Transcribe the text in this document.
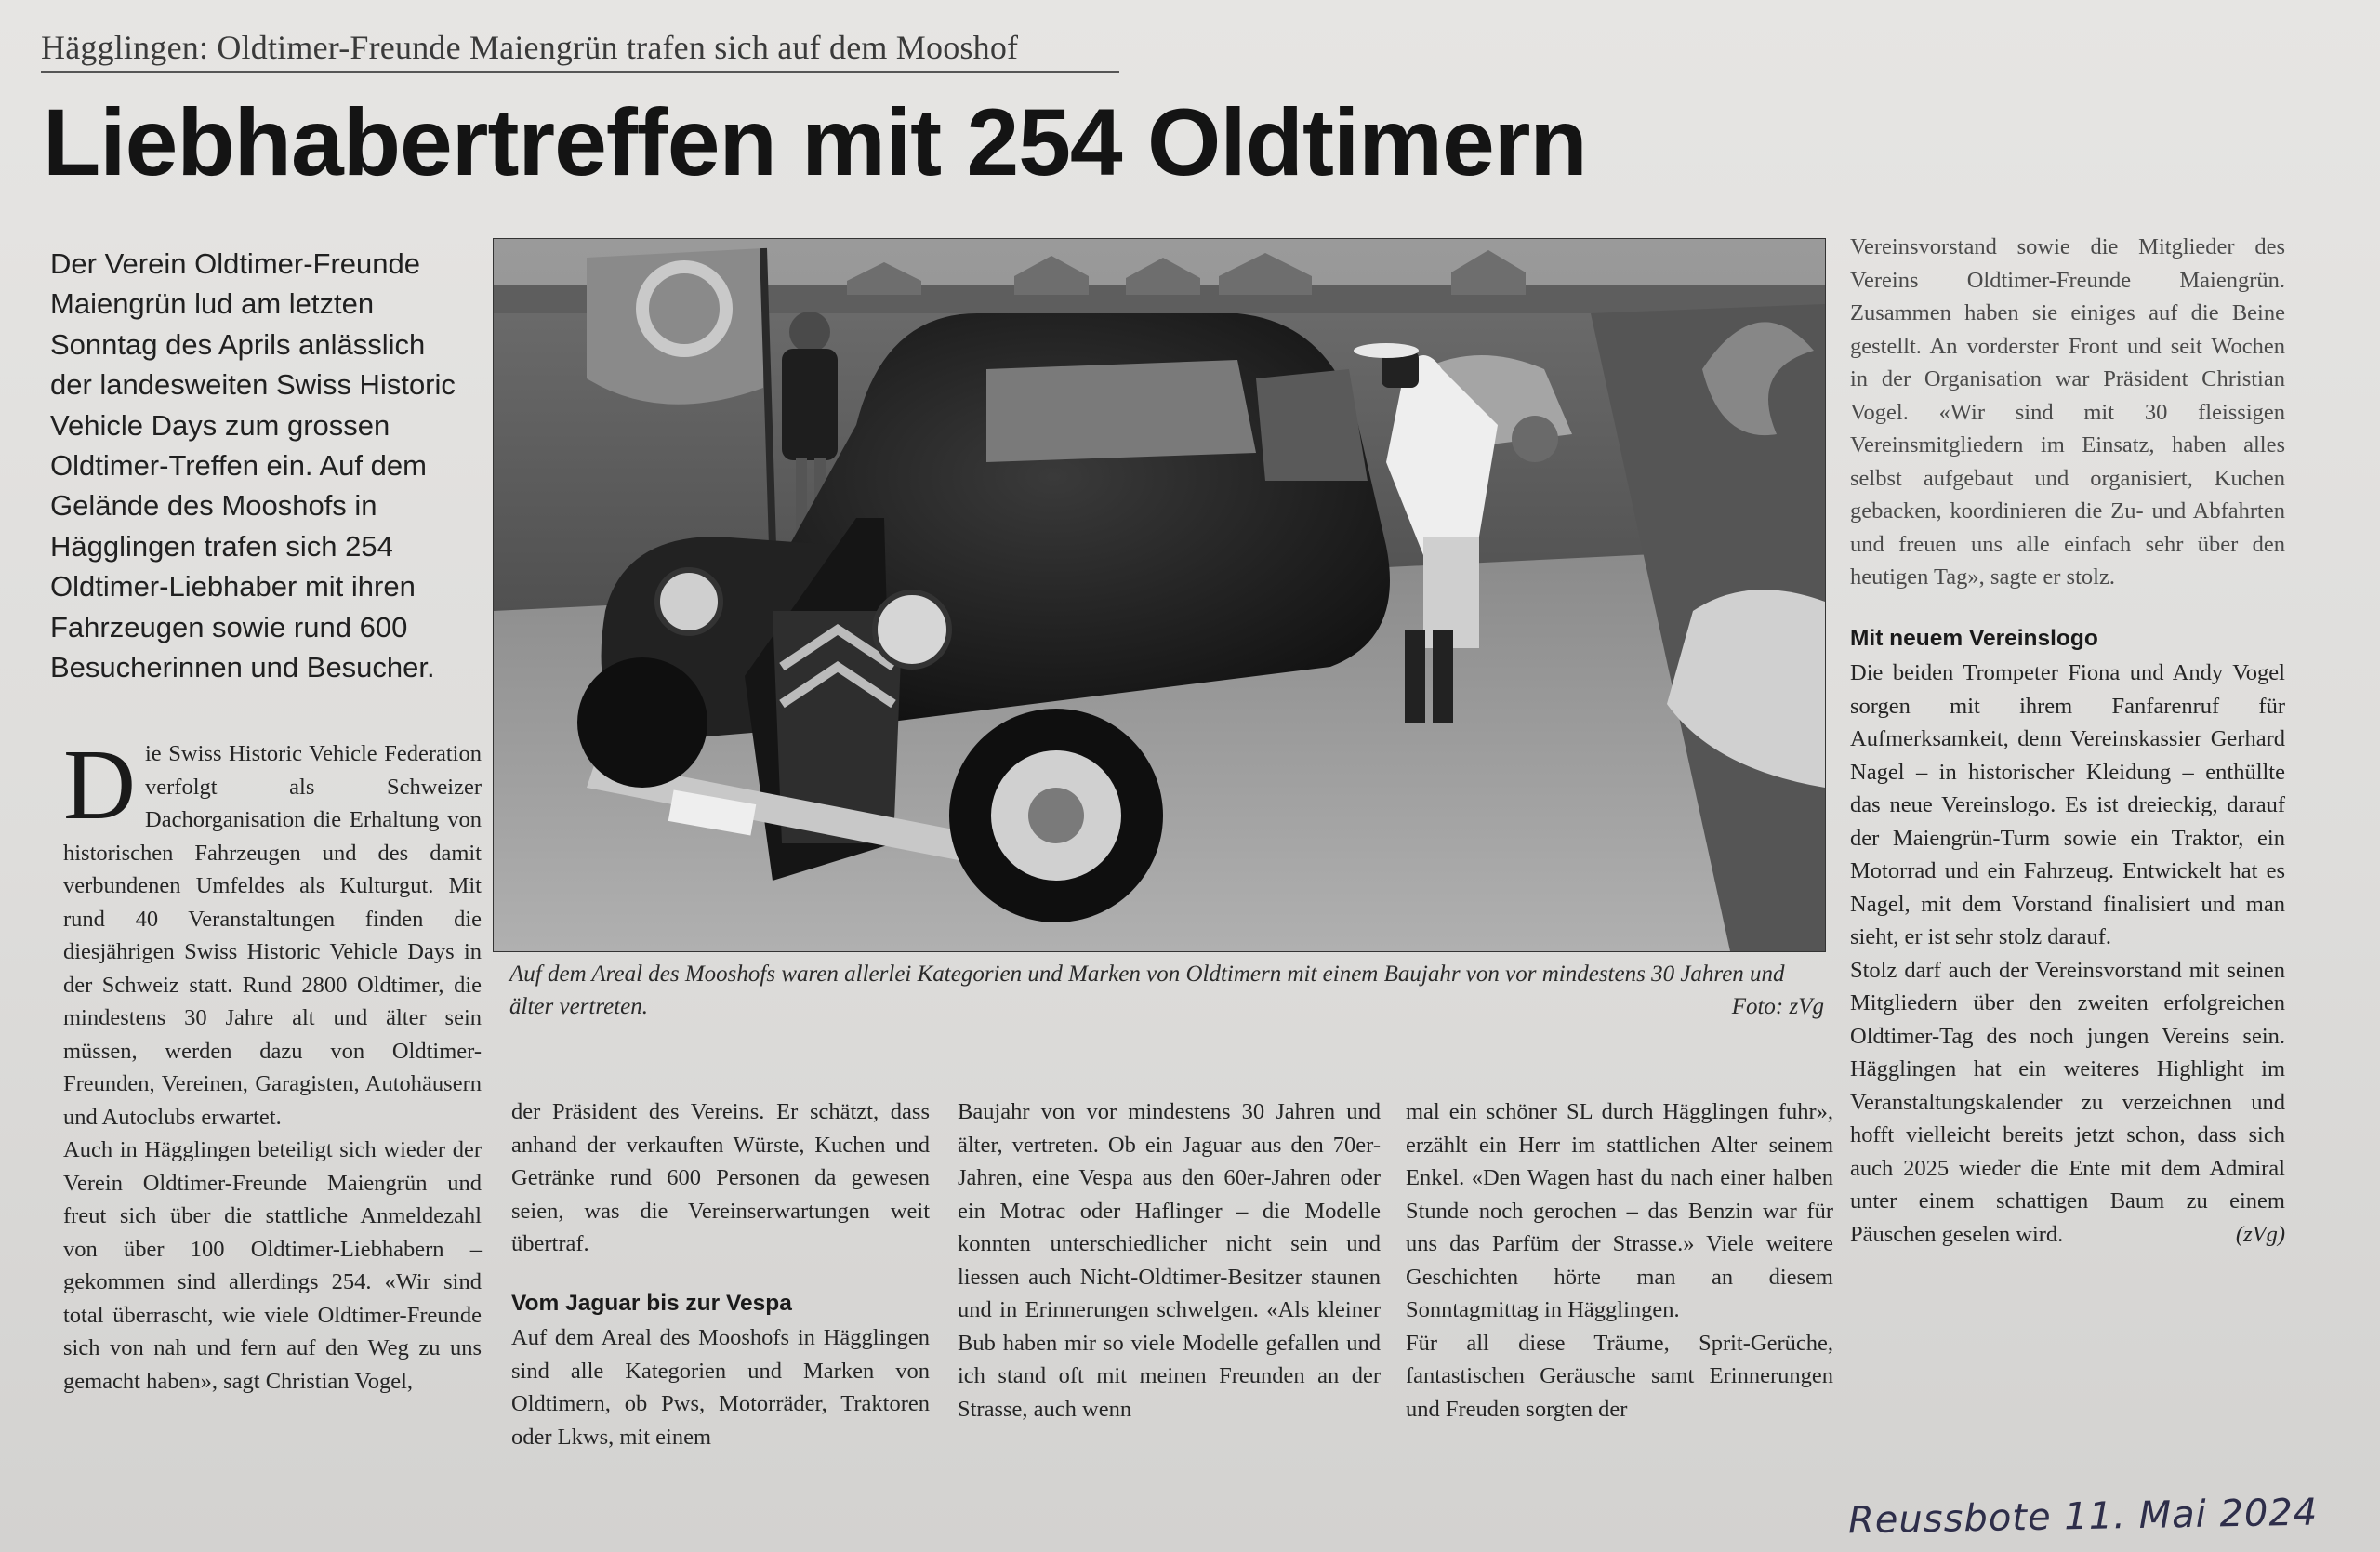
Hägglingen: Oldtimer-Freunde Maiengrün trafen sich auf dem Mooshof
Liebhabertreffen mit 254 Oldtimern
Der Verein Oldtimer-Freunde Maiengrün lud am letzten Sonntag des Aprils anlässlich der landesweiten Swiss Historic Vehicle Days zum grossen Oldtimer-Treffen ein. Auf dem Gelände des Mooshofs in Hägglingen trafen sich 254 Oldtimer-Liebhaber mit ihren Fahrzeugen sowie rund 600 Besucherinnen und Besucher.
Auf dem Areal des Mooshofs waren allerlei Kategorien und Marken von Oldtimern mit einem Baujahr von vor mindestens 30 Jahren und älter vertreten.	Foto: zVg

Die Swiss Historic Vehicle Federation verfolgt als Schweizer Dachorganisation die Erhaltung von historischen Fahrzeugen und des damit verbundenen Umfeldes als Kulturgut. Mit rund 40 Veranstaltungen finden die diesjährigen Swiss Historic Vehicle Days in der Schweiz statt. Rund 2800 Oldtimer, die mindestens 30 Jahre alt und älter sein müssen, werden dazu von Oldtimer-Freunden, Vereinen, Garagisten, Autohäusern und Autoclubs erwartet.

Auch in Hägglingen beteiligt sich wieder der Verein Oldtimer-Freunde Maiengrün und freut sich über die stattliche Anmeldezahl von über 100 Oldtimer-Liebhabern – gekommen sind allerdings 254. «Wir sind total überrascht, wie viele Oldtimer-Freunde sich von nah und fern auf den Weg zu uns gemacht haben», sagt Christian Vogel,

der Präsident des Vereins. Er schätzt, dass anhand der verkauften Würste, Kuchen und Getränke rund 600 Personen da gewesen seien, was die Vereinserwartungen weit übertraf.

Vom Jaguar bis zur Vespa

Auf dem Areal des Mooshofs in Hägglingen sind alle Kategorien und Marken von Oldtimern, ob Pws, Motorräder, Traktoren oder Lkws, mit einem

Baujahr von vor mindestens 30 Jahren und älter, vertreten. Ob ein Jaguar aus den 70er-Jahren, eine Vespa aus den 60er-Jahren oder ein Motrac oder Haflinger – die Modelle konnten unterschiedlicher nicht sein und liessen auch Nicht-Oldtimer-Besitzer staunen und in Erinnerungen schwelgen. «Als kleiner Bub haben mir so viele Modelle gefallen und ich stand oft mit meinen Freunden an der Strasse, auch wenn

mal ein schöner SL durch Hägglingen fuhr», erzählt ein Herr im stattlichen Alter seinem Enkel. «Den Wagen hast du nach einer halben Stunde noch gerochen – das Benzin war für uns das Parfüm der Strasse.» Viele weitere Geschichten hörte man an diesem Sonntagmittag in Hägglingen.

Für all diese Träume, Sprit-Gerüche, fantastischen Geräusche samt Erinnerungen und Freuden sorgten der

Vereinsvorstand sowie die Mitglieder des Vereins Oldtimer-Freunde Maiengrün. Zusammen haben sie einiges auf die Beine gestellt. An vorderster Front und seit Wochen in der Organisation war Präsident Christian Vogel. «Wir sind mit 30 fleissigen Vereinsmitgliedern im Einsatz, haben alles selbst aufgebaut und organisiert, Kuchen gebacken, koordinieren die Zu- und Abfahrten und freuen uns alle einfach sehr über den heutigen Tag», sagte er stolz.

Mit neuem Vereinslogo

Die beiden Trompeter Fiona und Andy Vogel sorgen mit ihrem Fanfarenruf für Aufmerksamkeit, denn Vereinskassier Gerhard Nagel – in historischer Kleidung – enthüllte das neue Vereinslogo. Es ist dreieckig, darauf der Maiengrün-Turm sowie ein Traktor, ein Motorrad und ein Fahrzeug. Entwickelt hat es Nagel, mit dem Vorstand finalisiert und man sieht, er ist sehr stolz darauf.

Stolz darf auch der Vereinsvorstand mit seinen Mitgliedern über den zweiten erfolgreichen Oldtimer-Tag des noch jungen Vereins sein. Hägglingen hat ein weiteres Highlight im Veranstaltungskalender zu verzeichnen und hofft vielleicht bereits jetzt schon, dass sich auch 2025 wieder die Ente mit dem Admiral unter einem schattigen Baum zu einem Päuschen geselen wird.	(zVg)

Reussbote 11. Mai 2024
